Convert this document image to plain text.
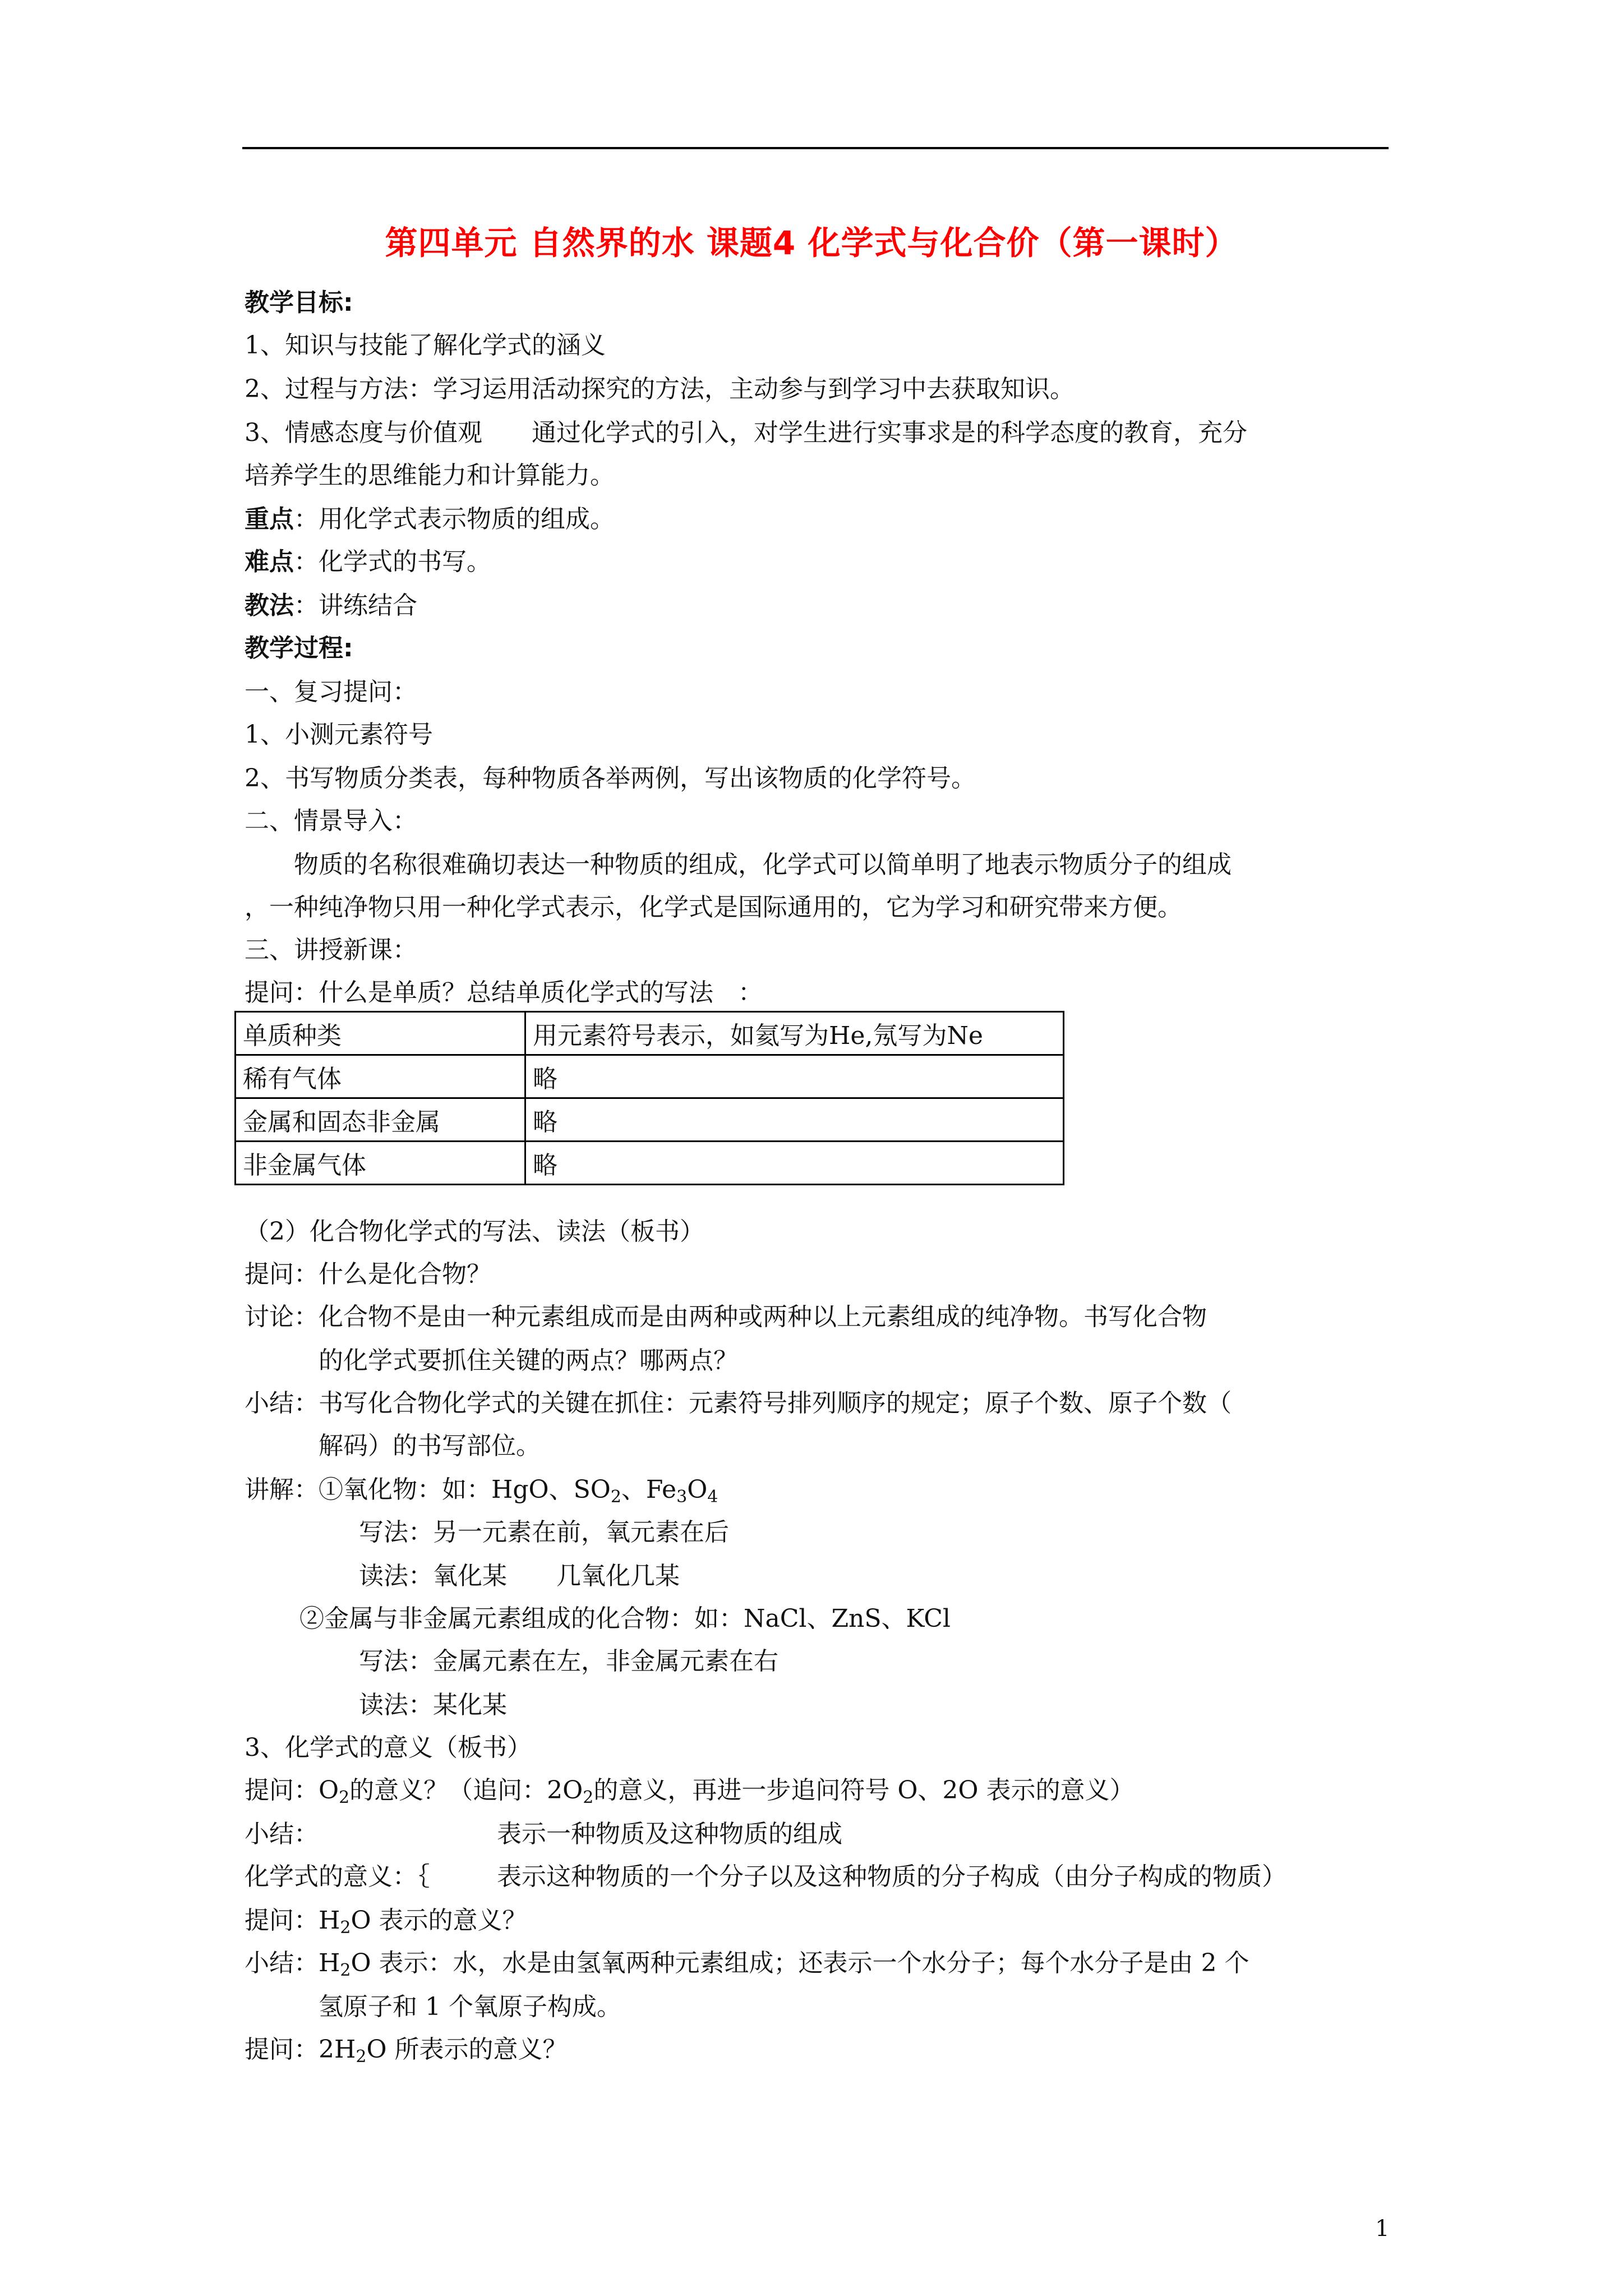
第四单元 自然界的水 课题4 化学式与化合价（第一课时）
教学目标:
1、知识与技能了解化学式的涵义
2、过程与方法：学习运用活动探究的方法，主动参与到学习中去获取知识。
3、情感态度与价值观　　通过化学式的引入，对学生进行实事求是的科学态度的教育，充分
培养学生的思维能力和计算能力。
重点：用化学式表示物质的组成。
难点：化学式的书写。
教法：讲练结合
教学过程:
一、复习提问：
1、小测元素符号
2、书写物质分类表，每种物质各举两例，写出该物质的化学符号。
二、情景导入：
　　物质的名称很难确切表达一种物质的组成，化学式可以简单明了地表示物质分子的组成
，一种纯净物只用一种化学式表示，化学式是国际通用的，它为学习和研究带来方便。
三、讲授新课：
提问：什么是单质？总结单质化学式的写法　：
单质种类	用元素符号表示，如氦写为He,氖写为Ne
稀有气体	略
金属和固态非金属	略
非金属气体	略
（2）化合物化学式的写法、读法（板书）
提问：什么是化合物？
讨论：化合物不是由一种元素组成而是由两种或两种以上元素组成的纯净物。书写化合物
　　　的化学式要抓住关键的两点？哪两点？
小结：书写化合物化学式的关键在抓住：元素符号排列顺序的规定；原子个数、原子个数（
　　　解码）的书写部位。
讲解：①氧化物：如：HgO、$SO_2$、$Fe_3O_4$
写法：另一元素在前，氧元素在后
读法：氧化某　　几氧化几某
②金属与非金属元素组成的化合物：如：NaCl、ZnS、KCl
写法：金属元素在左，非金属元素在右
读法：某化某
3、化学式的意义（板书）
提问：$O_2$的意义？（追问：$2O_2$的意义，再进一步追问符号 O、2O 表示的意义）
小结：	表示一种物质及这种物质的组成
化学式的意义：｛	表示这种物质的一个分子以及这种物质的分子构成（由分子构成的物质）
提问：$H_2O$ 表示的意义？
小结：$H_2O$ 表示：水，水是由氢氧两种元素组成；还表示一个水分子；每个水分子是由 2 个
　　　氢原子和 1 个氧原子构成。
提问：$2H_2O$ 所表示的意义？
1
